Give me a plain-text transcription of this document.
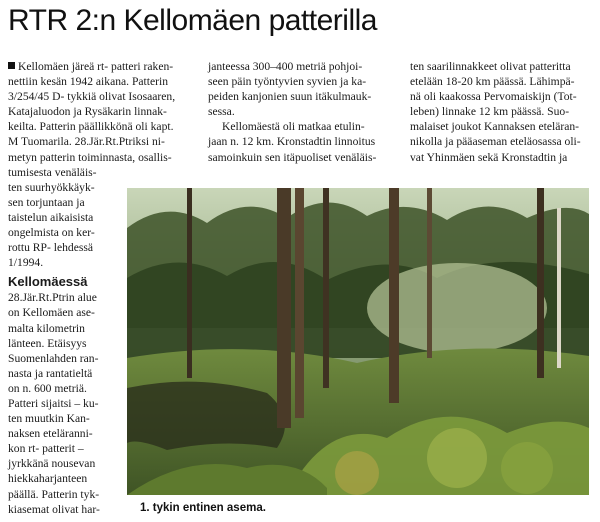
RTR 2:n Kellomäen patterilla

Kellomäen järeä rt- patteri raken-

nettiin kesän 1942 aikana. Patterin

3/254/45 D- tykkiä olivat Isosaaren,

Katajaluodon ja Rysäkarin linnak-

keilta. Patterin päällikkönä oli kapt.

M Tuomarila. 28.Jär.Rt.Ptriksi ni-

metyn patterin toiminnasta, osallis-

tumisesta venäläis-

ten suurhyökkäyk-

sen torjuntaan ja

taistelun aikaisista

ongelmista on ker-

rottu RP- lehdessä

1/1994.

Kellomäessä

28.Jär.Rt.Ptrin alue

on Kellomäen ase-

malta kilometrin

länteen. Etäisyys

Suomenlahden ran-

nasta ja rantatieltä

on n. 600 metriä.

Patteri sijaitsi – ku-

ten muutkin Kan-

naksen eteläranni-

kon rt- patterit –

jyrkkänä nousevan

hiekkaharjanteen

päällä. Patterin tyk-

kiasemat olivat har-

janteessa 300–400 metriä pohjoi-

seen päin työntyvien syvien ja ka-

peiden kanjonien suun itäkulmauk-

sessa.

Kellomäestä oli matkaa etulin-

jaan n. 12 km. Kronstadtin linnoitus

samoinkuin sen itäpuoliset venäläis-

ten saarilinnakkeet olivat patteritta

etelään 18-20 km päässä. Lähimpä-

nä oli kaakossa Pervomaiskijn (Tot-

leben) linnake 12 km päässä. Suo-

malaiset joukot Kannaksen eteläran-

nikolla ja pääaseman eteläosassa oli-

vat Yhinmäen sekä Kronstadtin ja

1. tykin entinen asema.
